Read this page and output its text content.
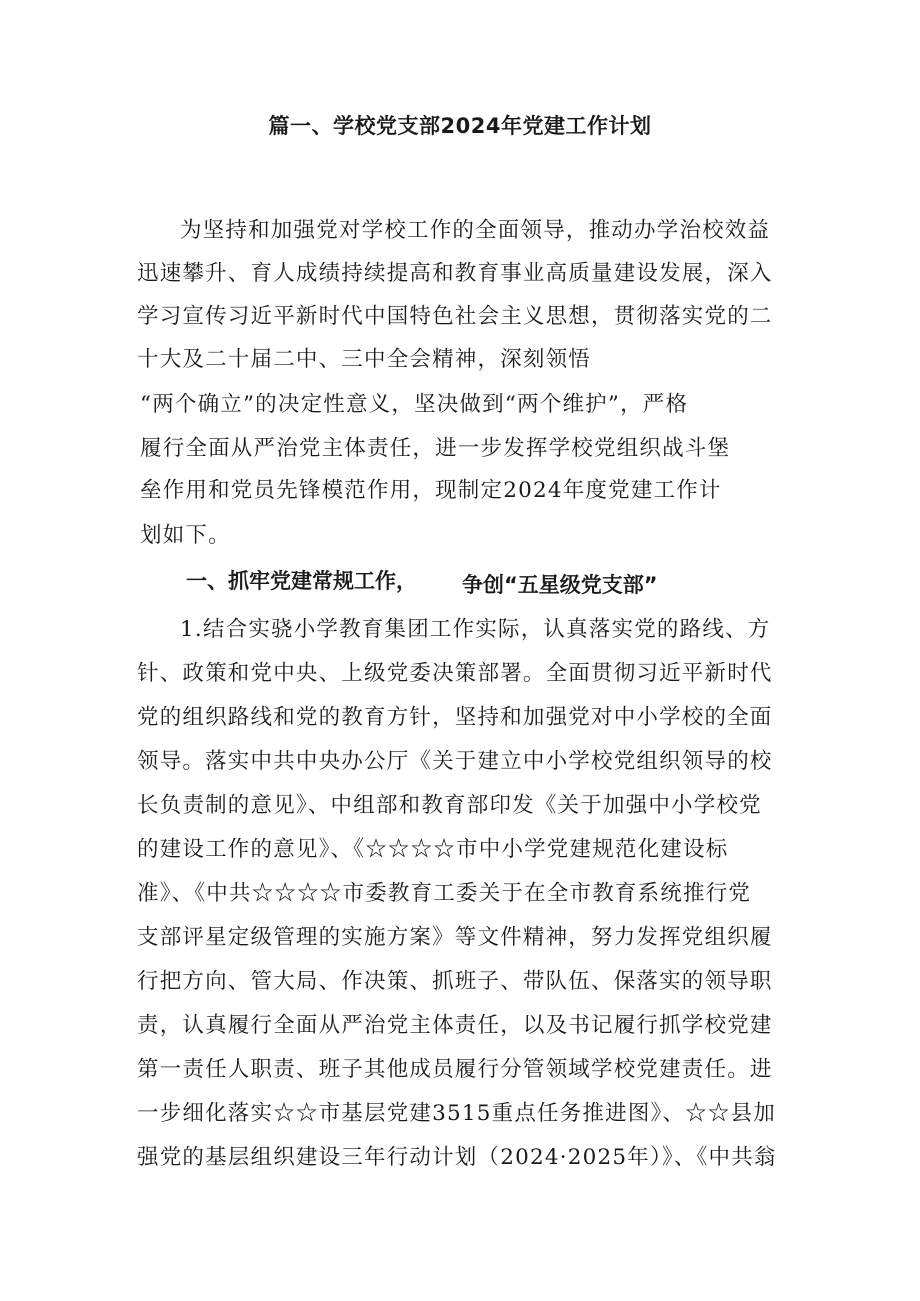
篇一、学校党支部2024年党建工作计划
为坚持和加强党对学校工作的全面领导，推动办学治校效益
迅速攀升、育人成绩持续提高和教育事业高质量建设发展，深入
学习宣传习近平新时代中国特色社会主义思想，贯彻落实党的二
十大及二十届二中、三中全会精神，深刻领悟
“两个确立”的决定性意义，坚决做到“两个维护”，严格
履行全面从严治党主体责任，进一步发挥学校党组织战斗堡
垒作用和党员先锋模范作用，现制定2024年度党建工作计
划如下。
一、抓牢党建常规工作， 争创“五星级党支部”
1.结合实骁小学教育集团工作实际，认真落实党的路线、方
针、政策和党中央、上级党委决策部署。全面贯彻习近平新时代
党的组织路线和党的教育方针，坚持和加强党对中小学校的全面
领导。落实中共中央办公厅《关于建立中小学校党组织领导的校
长负责制的意见》、中组部和教育部印发《关于加强中小学校党
的建设工作的意见》、《☆☆☆☆市中小学党建规范化建设标
准》、《中共☆☆☆☆市委教育工委关于在全市教育系统推行党
支部评星定级管理的实施方案》等文件精神，努力发挥党组织履
行把方向、管大局、作决策、抓班子、带队伍、保落实的领导职
责，认真履行全面从严治党主体责任，以及书记履行抓学校党建
第一责任人职责、班子其他成员履行分管领域学校党建责任。进
一步细化落实☆☆市基层党建3515重点任务推进图》、☆☆县加
强党的基层组织建设三年行动计划（2024·2025年）》、《中共翁
